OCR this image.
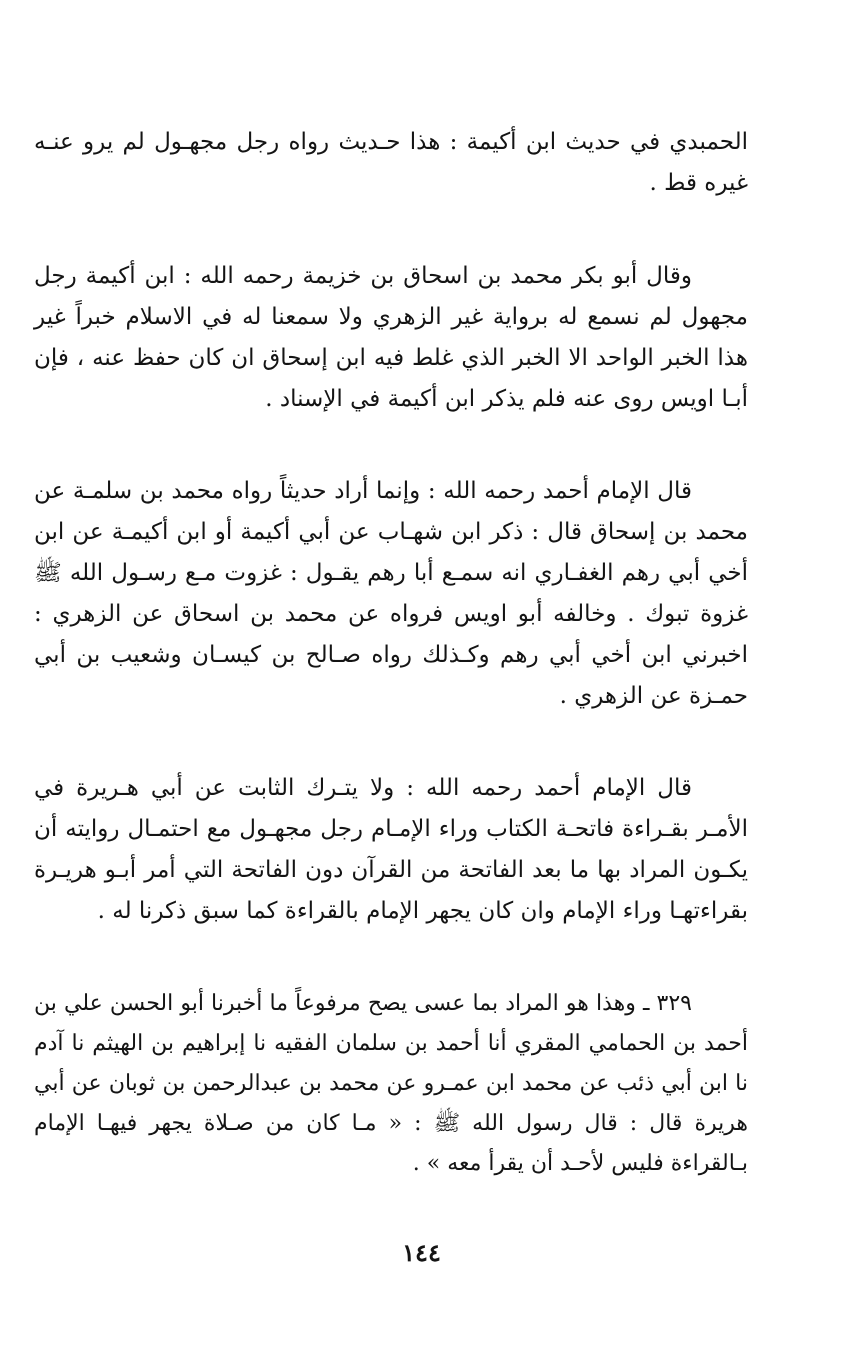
الحمبدي في حديث ابن أكيمة : هذا حـديث رواه رجل مجهـول لم يرو عنـه غيره قط .

وقال أبو بكر محمد بن اسحاق بن خزيمة رحمه الله : ابن أكيمة رجل مجهول لم نسمع له برواية غير الزهري ولا سمعنا له في الاسلام خبراً غير هذا الخبر الواحد الا الخبر الذي غلط فيه ابن إسحاق ان كان حفظ عنه ، فإن أبـا اويس روى عنه فلم يذكر ابن أكيمة في الإسناد .

قال الإمام أحمد رحمه الله : وإنما أراد حديثاً رواه محمد بن سلمـة عن محمد بن إسحاق قال : ذكر ابن شهـاب عن أبي أكيمة أو ابن أكيمـة عن ابن أخي أبي رهم الغفـاري انه سمـع أبا رهم يقـول : غزوت مـع رسـول الله ﷺ غزوة تبوك . وخالفه أبو اويس فرواه عن محمد بن اسحاق عن الزهري : اخبرني ابن أخي أبي رهم وكـذلك رواه صـالح بن كيسـان وشعيب بن أبي حمـزة عن الزهري .

قال الإمام أحمد رحمه الله : ولا يتـرك الثابت عن أبي هـريرة في الأمـر بقـراءة فاتحـة الكتاب وراء الإمـام رجل مجهـول مع احتمـال روايته أن يكـون المراد بها ما بعد الفاتحة من القرآن دون الفاتحة التي أمر أبـو هريـرة بقراءتهـا وراء الإمام وان كان يجهر الإمام بالقراءة كما سبق ذكرنا له .

٣٢٩ ـ وهذا هو المراد بما عسى يصح مرفوعاً ما أخبرنا أبو الحسن علي بن أحمد بن الحمامي المقري أنا أحمد بن سلمان الفقيه نا إبراهيم بن الهيثم نا آدم نا ابن أبي ذئب عن محمد ابن عمـرو عن محمد بن عبدالرحمن بن ثوبان عن أبي هريرة قال : قال رسول الله ﷺ : « مـا كان من صـلاة يجهر فيهـا الإمام بـالقراءة فليس لأحـد أن يقرأ معه » .

١٤٤
